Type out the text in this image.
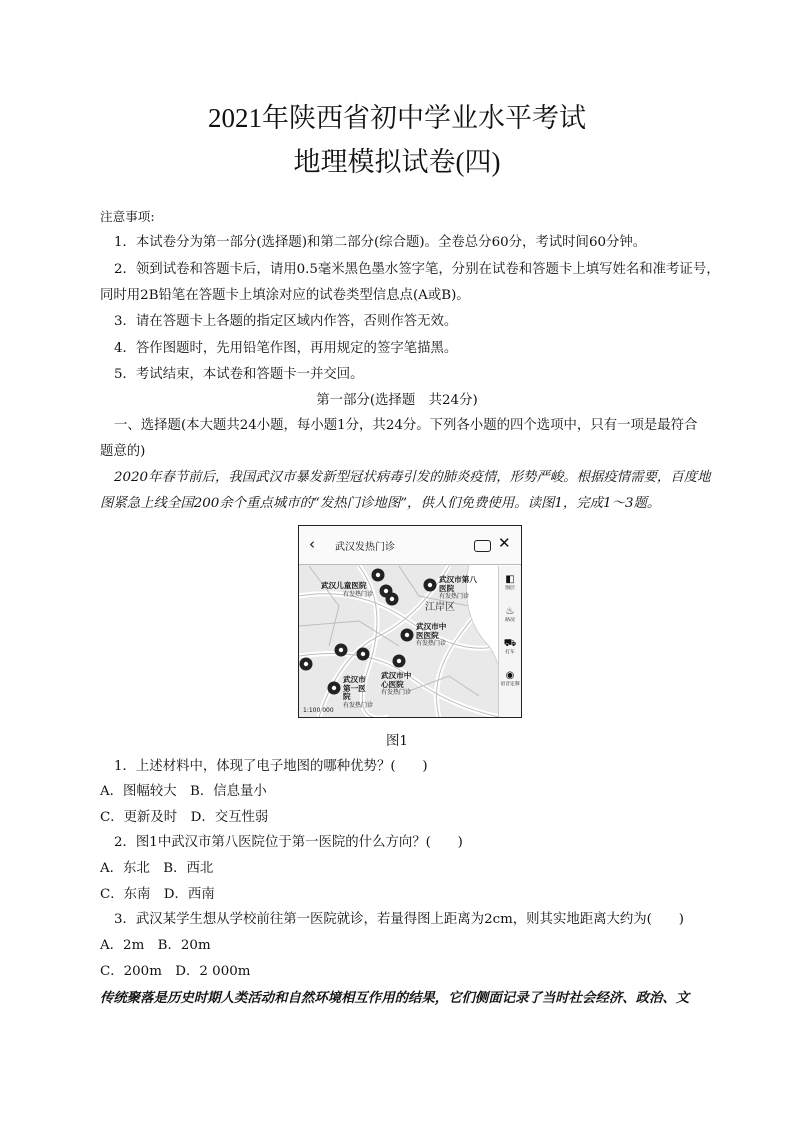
2021年陕西省初中学业水平考试
地理模拟试卷(四)

注意事项:

1．本试卷分为第一部分(选择题)和第二部分(综合题)。全卷总分60分，考试时间60分钟。

2．领到试卷和答题卡后，请用0.5毫米黑色墨水签字笔，分别在试卷和答题卡上填写姓名和准考证号，

同时用2B铅笔在答题卡上填涂对应的试卷类型信息点(A或B)。

3．请在答题卡上各题的指定区域内作答，否则作答无效。

4．答作图题时，先用铅笔作图，再用规定的签字笔描黑。

5．考试结束，本试卷和答题卡一并交回。

第一部分(选择题　共24分)

一、选择题(本大题共24小题，每小题1分，共24分。下列各小题的四个选项中，只有一项是最符合

题意的)

2020年春节前后，我国武汉市暴发新型冠状病毒引发的肺炎疫情，形势严峻。根据疫情需要，百度地

图紧急上线全国200余个重点城市的“发热门诊地图”，供人们免费使用。读图1，完成1～3题。

‹ 武汉发热门诊	✕
◧
图层
♨
路况
⛟
打车
◉
语音定制
武汉儿童医院
有发热门诊
武汉市第八医院
有发热门诊
武汉市中医医院
有发热门诊
武汉市第一医院
有发热门诊
武汉市中心医院
有发热门诊
江岸区
1:100 000

图1

1．上述材料中，体现了电子地图的哪种优势？(　　)

A．图幅较大　B．信息量小

C．更新及时　D．交互性弱

2．图1中武汉市第八医院位于第一医院的什么方向？(　　)

A．东北　B．西北

C．东南　D．西南

3．武汉某学生想从学校前往第一医院就诊，若量得图上距离为2cm，则其实地距离大约为(　　)

A．2m　B．20m

C．200m　D．2 000m

传统聚落是历史时期人类活动和自然环境相互作用的结果，它们侧面记录了当时社会经济、政治、文
